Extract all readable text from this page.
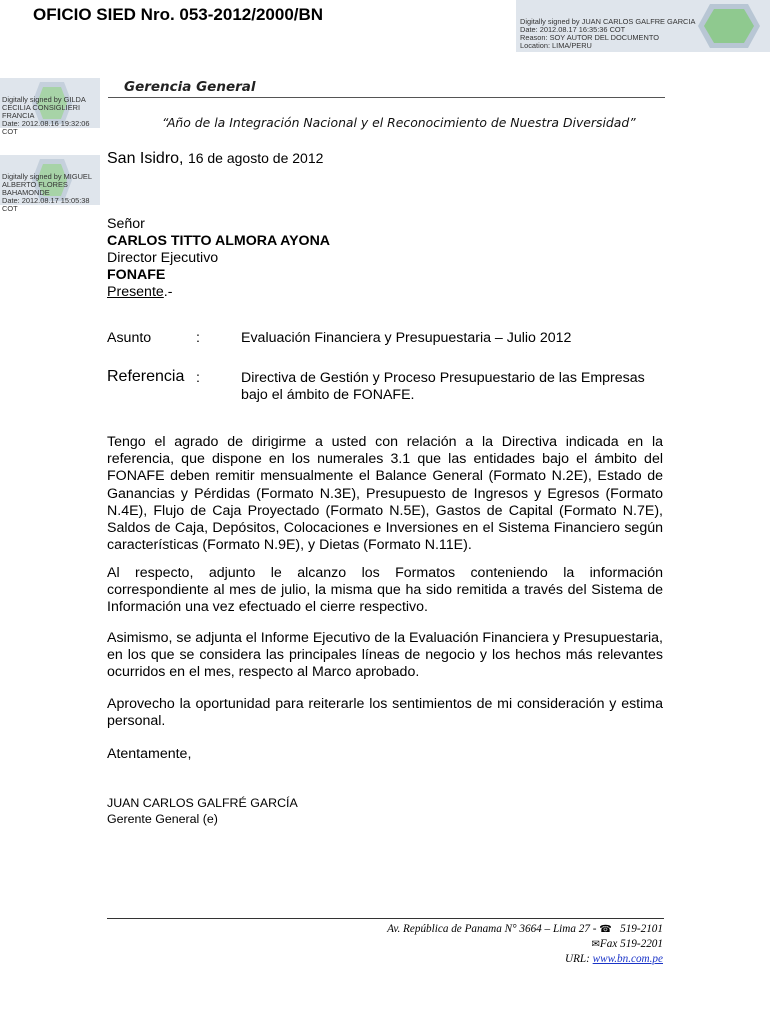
OFICIO SIED Nro. 053-2012/2000/BN	Digitally signed by JUAN CARLOS GALFRE GARCIA
Date: 2012.08.17 16:35:36 COT
Reason: SOY AUTOR DEL DOCUMENTO
Location: LIMA/PERU
Digitally signed by GILDA
CECILIA CONSIGLIERI
FRANCIA
Date: 2012.08.16 19:32:06 COT
Digitally signed by MIGUEL
ALBERTO FLORES
BAHAMONDE
Date: 2012.08.17 15:05:38 COT
Gerencia General
“Año de la Integración Nacional y el Reconocimiento de Nuestra Diversidad”
San Isidro, 16 de agosto de 2012
Señor
CARLOS TITTO ALMORA AYONA
Director Ejecutivo
FONAFE
Presente.-
Asunto	:	Evaluación Financiera y Presupuestaria – Julio 2012
Referencia :	Directiva de Gestión y Proceso Presupuestario de las Empresas
bajo el ámbito de FONAFE.
Tengo el agrado de dirigirme a usted con relación a la Directiva indicada en la referencia, que dispone en los numerales 3.1 que las entidades bajo el ámbito del FONAFE deben remitir mensualmente el Balance General (Formato N.2E), Estado de Ganancias y Pérdidas (Formato N.3E), Presupuesto de Ingresos y Egresos (Formato N.4E), Flujo de Caja Proyectado (Formato N.5E), Gastos de Capital (Formato N.7E), Saldos de Caja, Depósitos, Colocaciones e Inversiones en el Sistema Financiero según características (Formato N.9E), y Dietas (Formato N.11E).
Al respecto, adjunto le alcanzo los Formatos conteniendo la información correspondiente al mes de julio, la misma que ha sido remitida a través del Sistema de Información una vez efectuado el cierre respectivo.
Asimismo, se adjunta el Informe Ejecutivo de la Evaluación Financiera y Presupuestaria, en los que se considera las principales líneas de negocio y los hechos más relevantes ocurridos en el mes, respecto al Marco aprobado.
Aprovecho la oportunidad para reiterarle los sentimientos de mi consideración y estima personal.
Atentamente,
JUAN CARLOS GALFRÉ GARCÍA
Gerente General (e)
Av. República de Panama N° 3664 – Lima 27 - ☎ 519-2101
✉Fax 519-2201
URL: www.bn.com.pe
